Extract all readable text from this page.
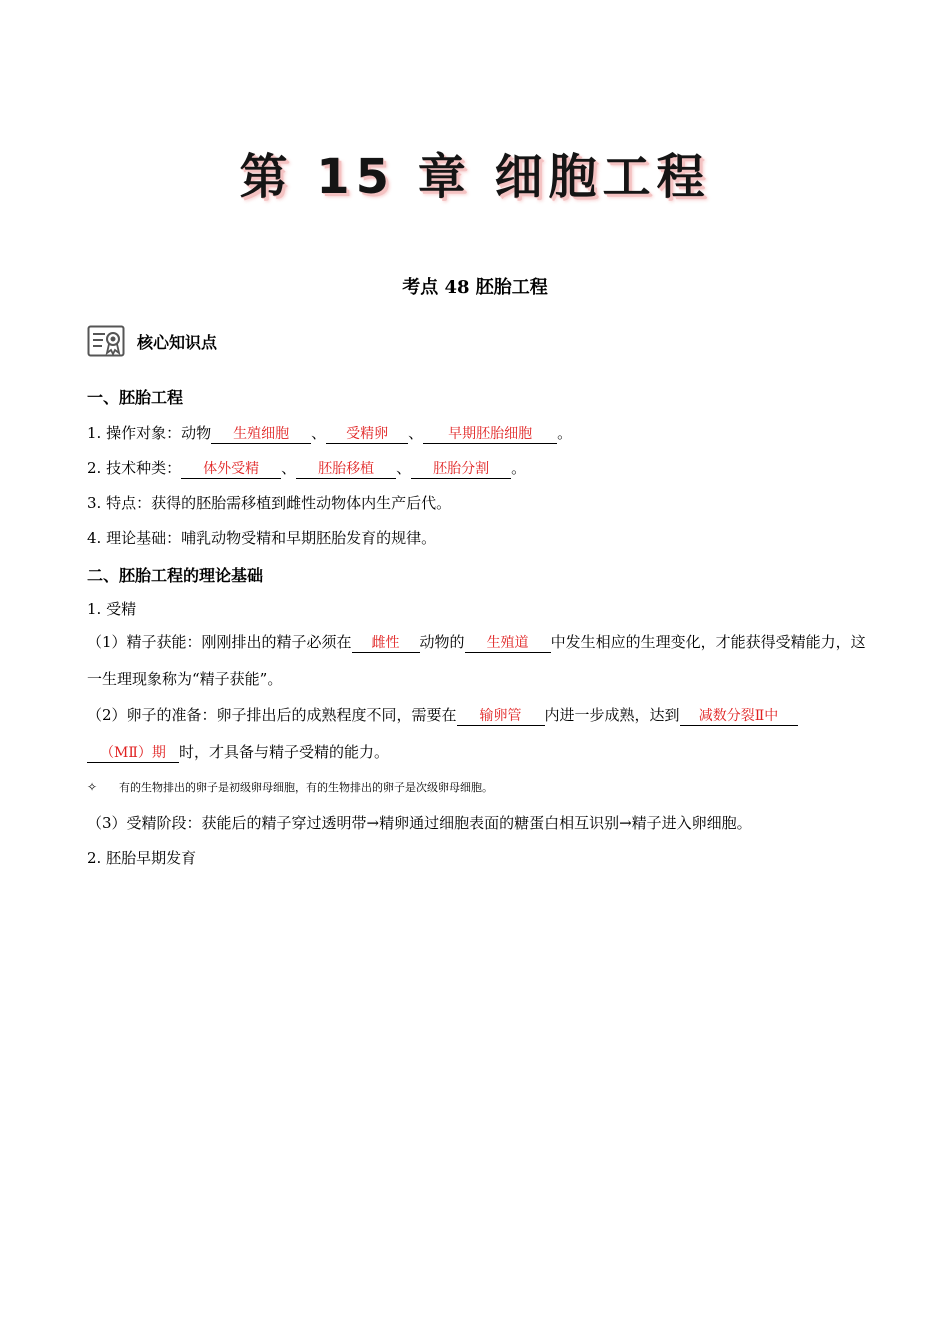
第 15 章 细胞工程
考点 48 胚胎工程
核心知识点
一、胚胎工程
1. 操作对象：动物 生殖细胞 、 受精卵 、 早期胚胎细胞 。
2. 技术种类： 体外受精 、 胚胎移植 、 胚胎分割 。
3. 特点：获得的胚胎需移植到雌性动物体内生产后代。
4. 理论基础：哺乳动物受精和早期胚胎发育的规律。
二、胚胎工程的理论基础
1. 受精
（1）精子获能：刚刚排出的精子必须在 雌性 动物的 生殖道 中发生相应的生理变化，才能获得受精能力，这一生理现象称为“精子获能”。
（2）卵子的准备：卵子排出后的成熟程度不同，需要在 输卵管 内进一步成熟，达到 减数分裂Ⅱ中（MⅡ）期 时，才具备与精子受精的能力。
✧ 有的生物排出的卵子是初级卵母细胞，有的生物排出的卵子是次级卵母细胞。
（3）受精阶段：获能后的精子穿过透明带→精卵通过细胞表面的糖蛋白相互识别→精子进入卵细胞。
2. 胚胎早期发育
